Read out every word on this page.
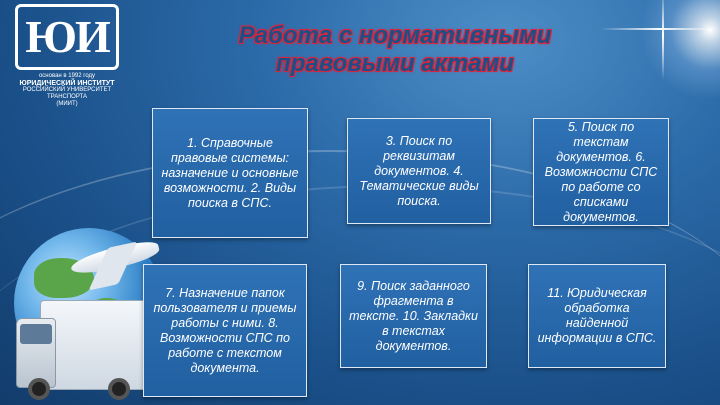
ЮИ
основан в 1992 году
ЮРИДИЧЕСКИЙ ИНСТИТУТ
РОССИЙСКИЙ УНИВЕРСИТЕТ
ТРАНСПОРТА
(МИИТ)
Работа с нормативными правовыми актами
1. Справочные правовые системы: назначение и основные возможности. 2. Виды поиска в СПС.
3. Поиск по реквизитам документов. 4. Тематические виды поиска.
5. Поиск по текстам документов. 6. Возможности СПС по работе со списками документов.
7. Назначение папок пользователя и приемы работы с ними. 8. Возможности СПС по работе с текстом документа.
9. Поиск заданного фрагмента в тексте. 10. Закладки в текстах документов.
11. Юридическая обработка найденной информации в СПС.
